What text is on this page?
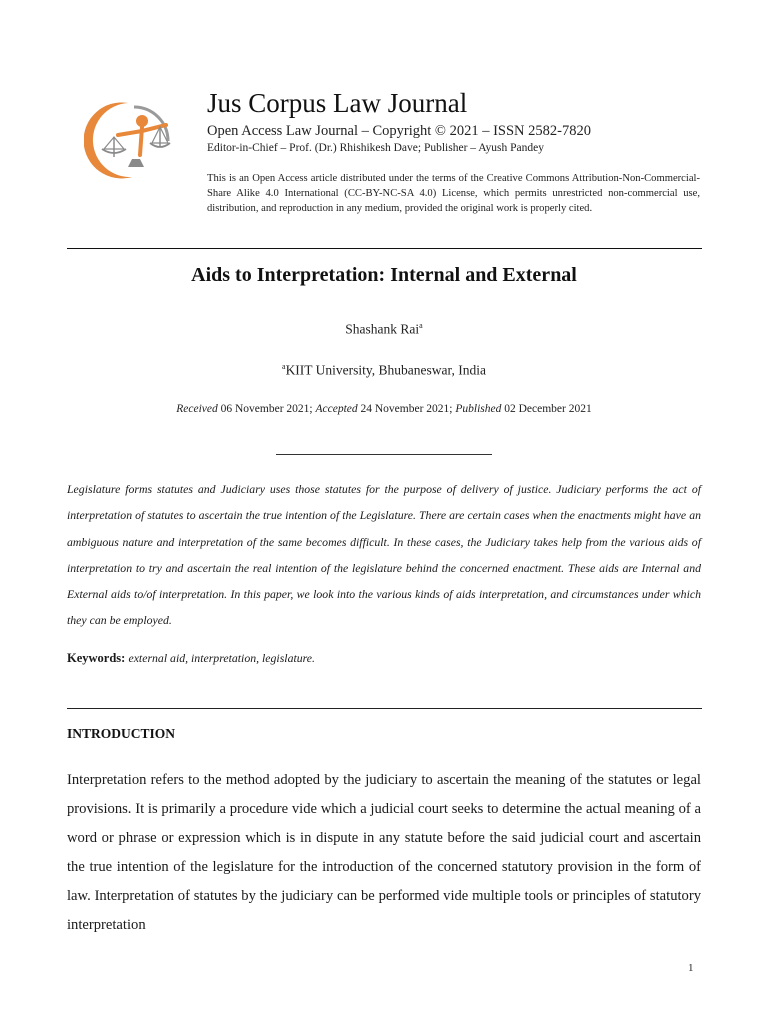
Jus Corpus Law Journal
Open Access Law Journal – Copyright © 2021 – ISSN 2582-7820
Editor-in-Chief – Prof. (Dr.) Rhishikesh Dave; Publisher – Ayush Pandey
This is an Open Access article distributed under the terms of the Creative Commons Attribution-Non-Commercial-Share Alike 4.0 International (CC-BY-NC-SA 4.0) License, which permits unrestricted non-commercial use, distribution, and reproduction in any medium, provided the original work is properly cited.
Aids to Interpretation: Internal and External
Shashank Rai$^a$
$^a$KIIT University, Bhubaneswar, India
Received 06 November 2021; Accepted 24 November 2021; Published 02 December 2021
Legislature forms statutes and Judiciary uses those statutes for the purpose of delivery of justice. Judiciary performs the act of interpretation of statutes to ascertain the true intention of the Legislature. There are certain cases when the enactments might have an ambiguous nature and interpretation of the same becomes difficult. In these cases, the Judiciary takes help from the various aids of interpretation to try and ascertain the real intention of the legislature behind the concerned enactment. These aids are Internal and External aids to/of interpretation. In this paper, we look into the various kinds of aids interpretation, and circumstances under which they can be employed.
Keywords: external aid, interpretation, legislature.
INTRODUCTION
Interpretation refers to the method adopted by the judiciary to ascertain the meaning of the statutes or legal provisions. It is primarily a procedure vide which a judicial court seeks to determine the actual meaning of a word or phrase or expression which is in dispute in any statute before the said judicial court and ascertain the true intention of the legislature for the introduction of the concerned statutory provision in the form of law. Interpretation of statutes by the judiciary can be performed vide multiple tools or principles of statutory interpretation
1
